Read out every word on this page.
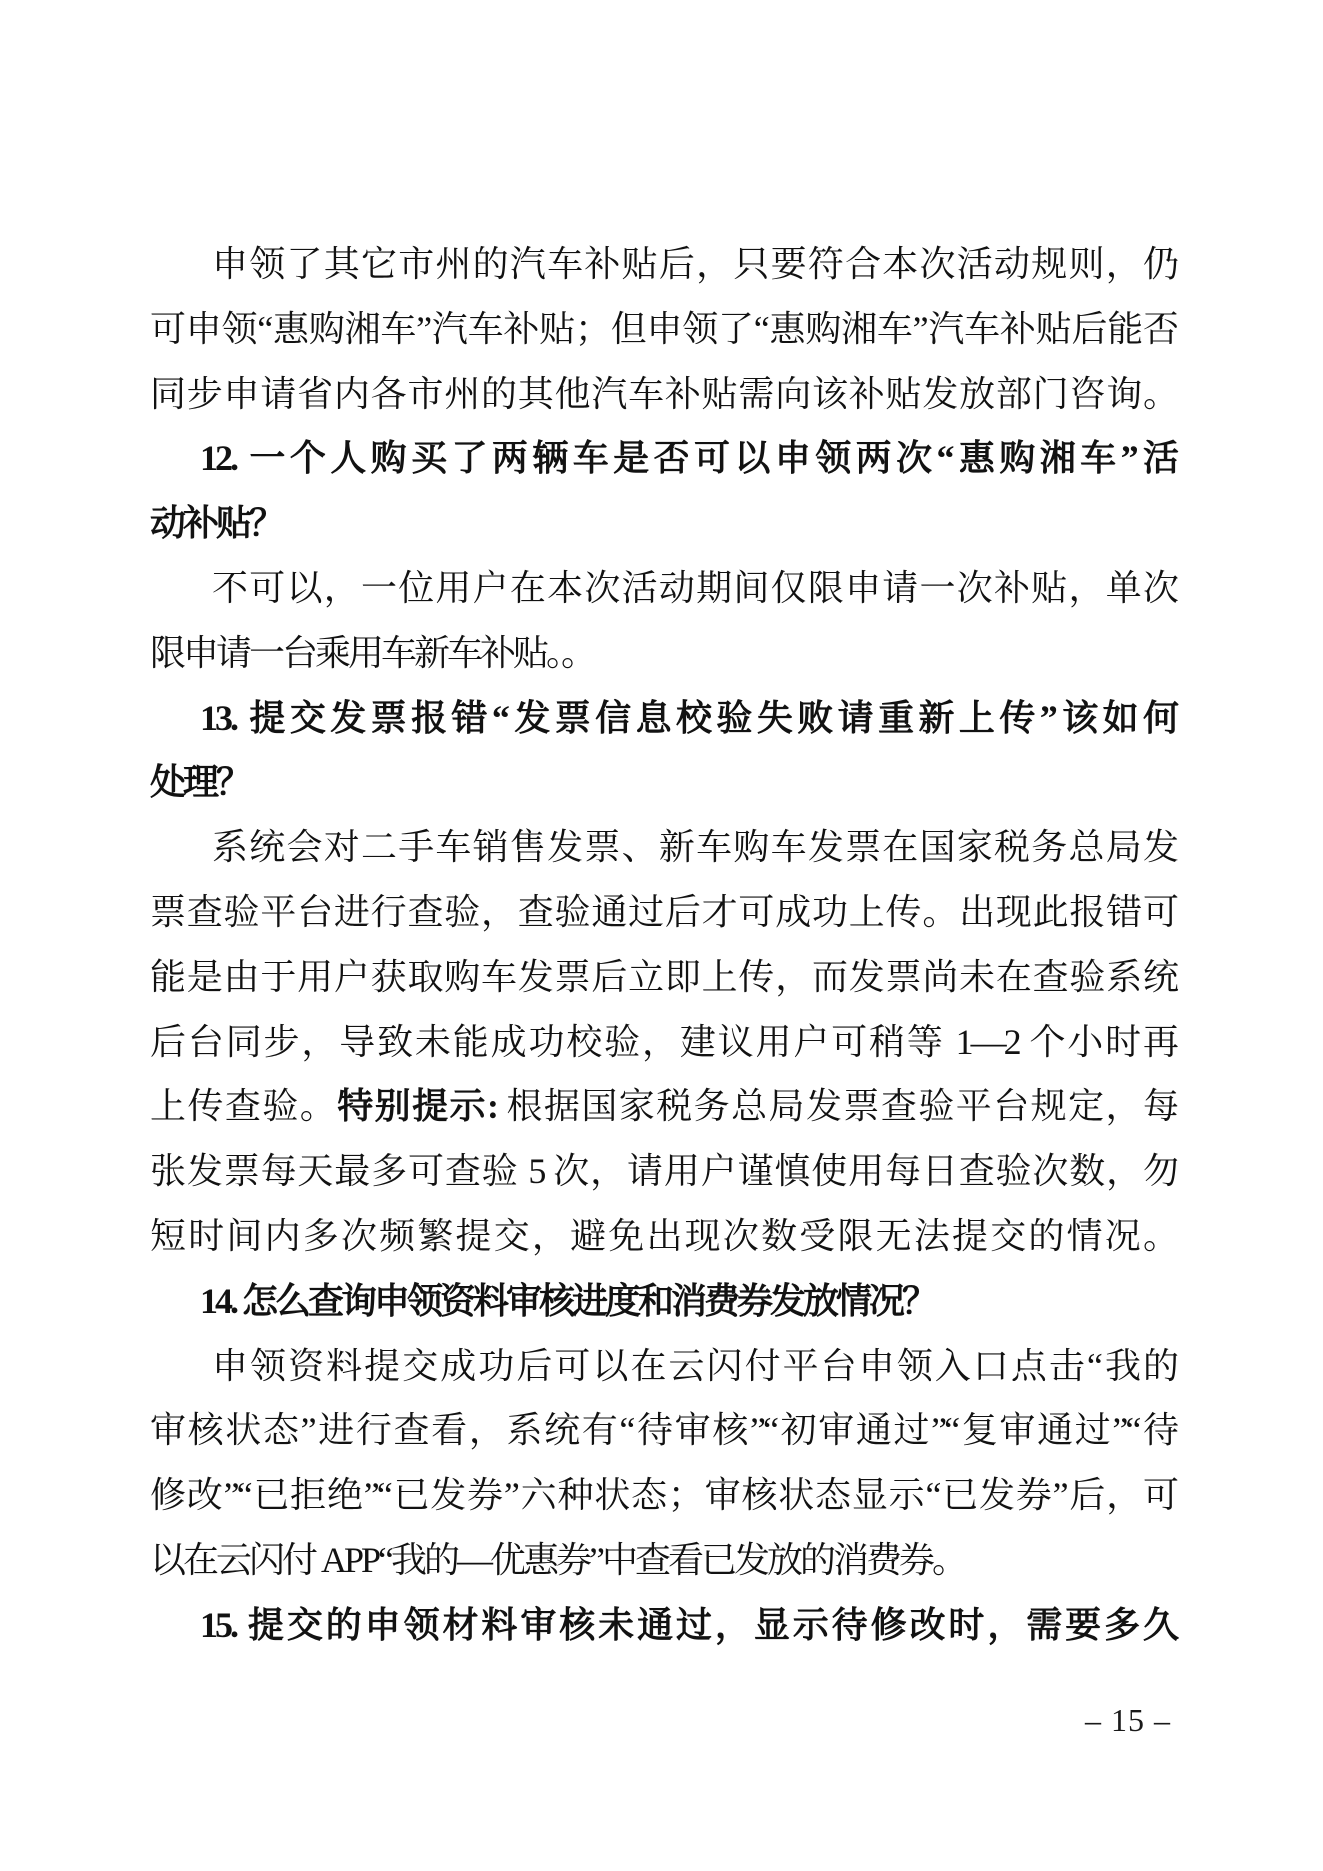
申领了其它市州的汽车补贴后，只要符合本次活动规则，仍
可申领“惠购湘车”汽车补贴；但申领了“惠购湘车”汽车补贴后能否
同步申请省内各市州的其他汽车补贴需向该补贴发放部门咨询。
12. 一个人购买了两辆车是否可以申领两次“惠购湘车”活
动补贴？
不可以，一位用户在本次活动期间仅限申请一次补贴，单次
限申请一台乘用车新车补贴。。
13. 提交发票报错“发票信息校验失败请重新上传”该如何
处理？
系统会对二手车销售发票、新车购车发票在国家税务总局发
票查验平台进行查验，查验通过后才可成功上传。出现此报错可
能是由于用户获取购车发票后立即上传，而发票尚未在查验系统
后台同步，导致未能成功校验，建议用户可稍等 1—2 个小时再
上传查验。特别提示: 根据国家税务总局发票查验平台规定，每
张发票每天最多可查验 5 次，请用户谨慎使用每日查验次数，勿
短时间内多次频繁提交，避免出现次数受限无法提交的情况。
14. 怎么查询申领资料审核进度和消费券发放情况？
申领资料提交成功后可以在云闪付平台申领入口点击“我的
审核状态”进行查看，系统有“待审核”“初审通过”“复审通过”“待
修改”“已拒绝”“已发券”六种状态；审核状态显示“已发券”后，可
以在云闪付 APP“我的—优惠券”中查看已发放的消费券。
15. 提交的申领材料审核未通过，显示待修改时，需要多久
– 15 –
